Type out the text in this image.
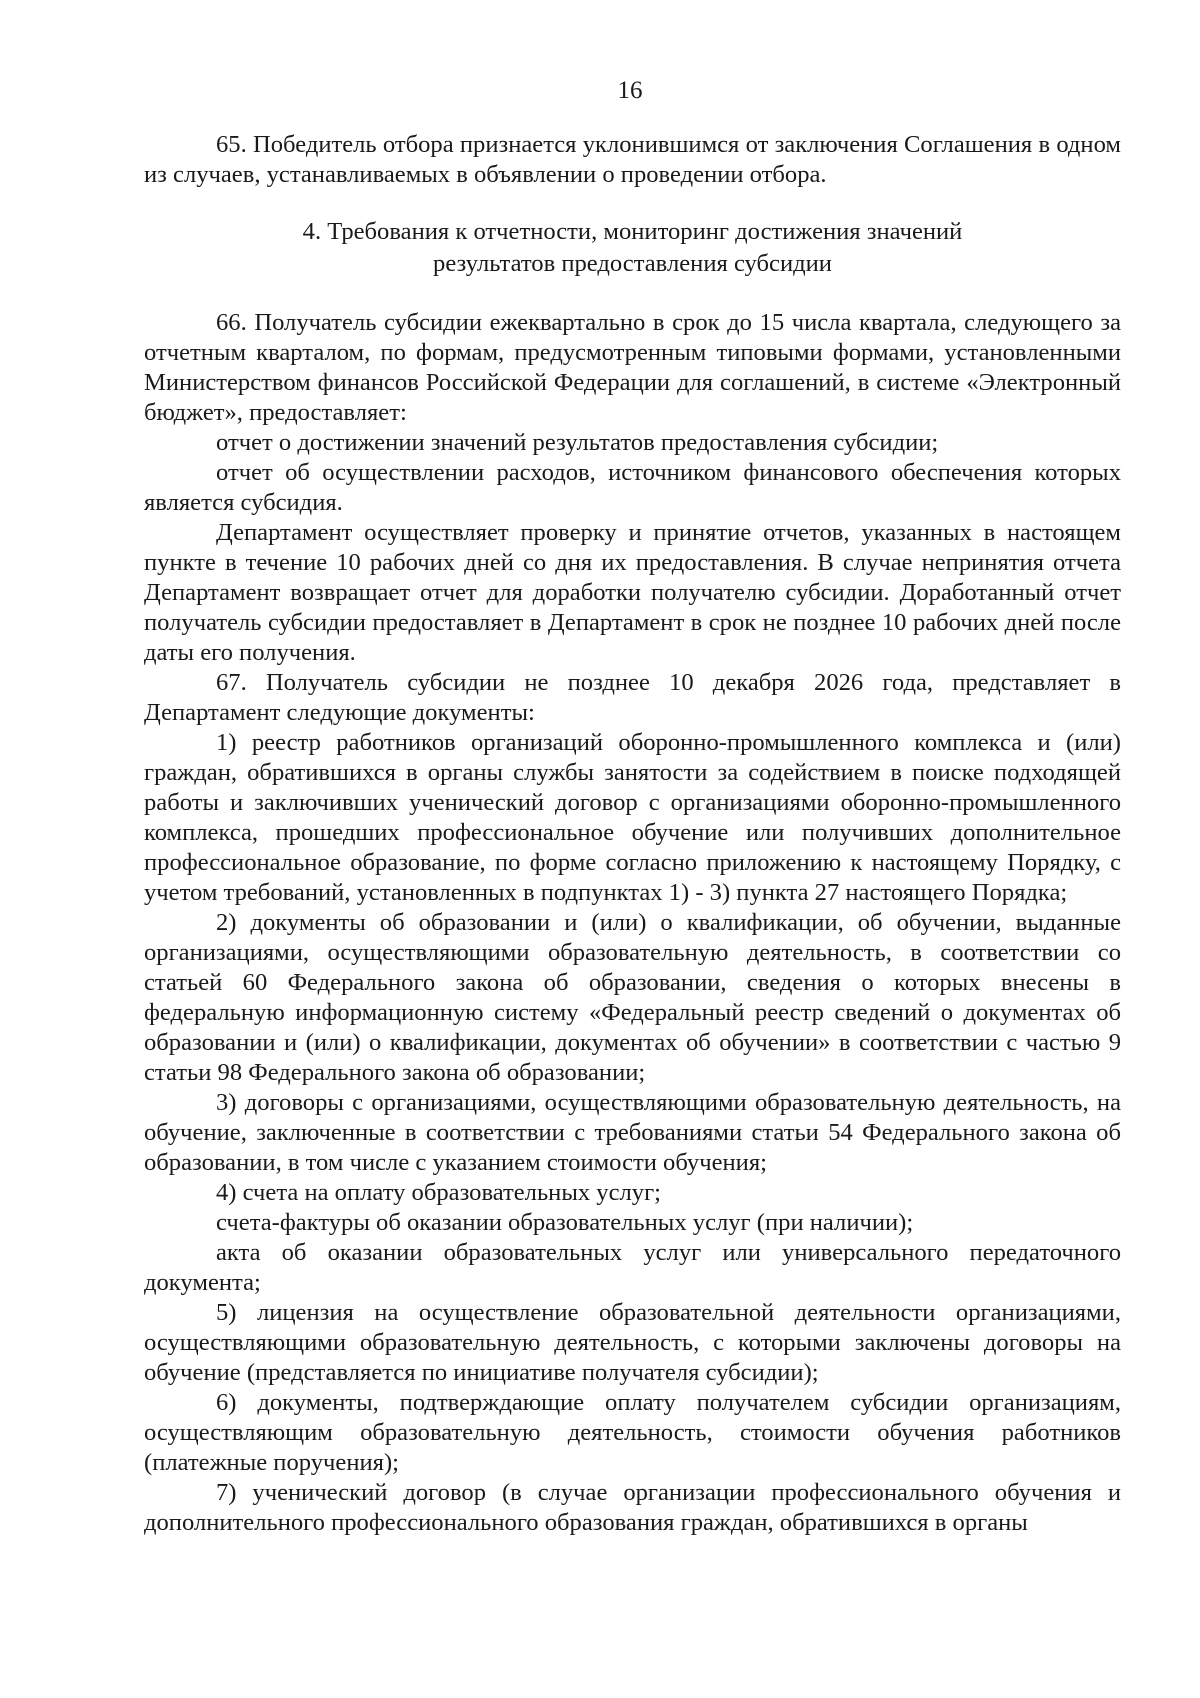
16

65. Победитель отбора признается уклонившимся от заключения Соглашения в одном из случаев, устанавливаемых в объявлении о проведении отбора.

4. Требования к отчетности, мониторинг достижения значений
результатов предоставления субсидии

66. Получатель субсидии ежеквартально в срок до 15 числа квартала, следующего за отчетным кварталом, по формам, предусмотренным типовыми формами, установленными Министерством финансов Российской Федерации для соглашений, в системе «Электронный бюджет», предоставляет:

отчет о достижении значений результатов предоставления субсидии;

отчет об осуществлении расходов, источником финансового обеспечения которых является субсидия.

Департамент осуществляет проверку и принятие отчетов, указанных в настоящем пункте в течение 10 рабочих дней со дня их предоставления. В случае непринятия отчета Департамент возвращает отчет для доработки получателю субсидии. Доработанный отчет получатель субсидии предоставляет в Департамент в срок не позднее 10 рабочих дней после даты его получения.

67. Получатель субсидии не позднее 10 декабря 2026 года, представляет в Департамент следующие документы:

1) реестр работников организаций оборонно-промышленного комплекса и (или) граждан, обратившихся в органы службы занятости за содействием в поиске подходящей работы и заключивших ученический договор с организациями оборонно-промышленного комплекса, прошедших профессиональное обучение или получивших дополнительное профессиональное образование, по форме согласно приложению к настоящему Порядку, с учетом требований, установленных в подпунктах 1) - 3) пункта 27 настоящего Порядка;

2) документы об образовании и (или) о квалификации, об обучении, выданные организациями, осуществляющими образовательную деятельность, в соответствии со статьей 60 Федерального закона об образовании, сведения о которых внесены в федеральную информационную систему «Федеральный реестр сведений о документах об образовании и (или) о квалификации, документах об обучении» в соответствии с частью 9 статьи 98 Федерального закона об образовании;

3) договоры с организациями, осуществляющими образовательную деятельность, на обучение, заключенные в соответствии с требованиями статьи 54 Федерального закона об образовании, в том числе с указанием стоимости обучения;

4) счета на оплату образовательных услуг;

счета-фактуры об оказании образовательных услуг (при наличии);

акта об оказании образовательных услуг или универсального передаточного документа;

5) лицензия на осуществление образовательной деятельности организациями, осуществляющими образовательную деятельность, с которыми заключены договоры на обучение (представляется по инициативе получателя субсидии);

6) документы, подтверждающие оплату получателем субсидии организациям, осуществляющим образовательную деятельность, стоимости обучения работников (платежные поручения);

7) ученический договор (в случае организации профессионального обучения и дополнительного профессионального образования граждан, обратившихся в органы
